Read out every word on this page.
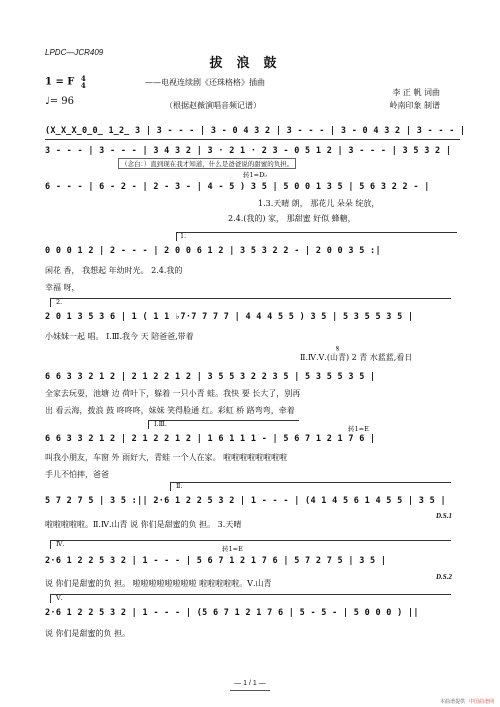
LPDC—JCR409
拔浪鼓
1 = F 4
4
♩= 96
——电视连续剧《还珠格格》插曲
李 正 帆 词曲
（根据赵薇演唱音频记谱）	岭南印象 制谱
(X̲X̲X̲0̲0̲ 1̲2̲ 3 | 3 - - - | 3 - 0 4 3 2 | 3 - - - | 3 - 0 4 3 2 | 3 - - - |
3 - - - | 3 - - - | 3 4 3 2 | 3 · 2 1 · 2 3 - 0 5 1 2 | 3 - - - | 3 5 3 2 |
（念白：）直到现在我才知道，什么是爸爸说的甜蜜的负担。
转1=D♭
6 - - - | 6 - 2 - | 2 - 3 - | 4 - 5 ) 3 5 | 5 0 0 1 3 5 | 5 6 3 2 2 - |
1.3.天晴 朗， 那花儿 朵朵 绽放，
2.4.(我的) 家， 那甜蜜 好似 蜂糖，
1.
0 0 0 1 2 | 2 - - - | 2 0 0 6 1 2 | 3 5 3 2 2 - | 2 0 0 3 5 :|
闲花 香， 我想起 年幼时光。 2.4.我的
幸福 呀，
2.
2 0 1 3 5 3 6 | 1 ( 1 1 ♭7·7 7 7 7 | 4 4 4 5 5 ) 3 5 | 5 3 5 5 3 5 |
小妹妹一起 唱。 Ⅰ.Ⅲ.我今 天 陪爸爸,带着
𝄋
Ⅱ.Ⅳ.Ⅴ.(山青) 2 青 水蓝蓝,看日
6 6 3 3 2 1 2 | 2 1 2 2 1 2 | 3 5 5 3 2 2 3 5 | 5 3 5 5 3 5 |
全家去玩耍，池塘 边 荷叶下，躲着 一只小青 蛙。我快 要 长大了，别再
出 看云海，拨浪 鼓 咚咚咚，妹妹 笑得脸通 红。彩虹 桥 路弯弯，牵着
Ⅰ.Ⅲ.
转1=E
6 6 3 3 2 1 2 | 2 1 2 2 1 2 | 1 6 1 1 1 - | 5 6 7 1 2 1 7 6 |
叫我小朋友，车窗 外 雨好大，青蛙 一个人在家。 啦啦啦啦啦啦啦啦
手儿不怕摔，爸爸
Ⅱ.
5 7 2 7 5 | 3 5 :|| 2·6 1 2 2 5 3 2 | 1 - - - | (4 1 4 5 6 1 4 5 5 | 3 5 |
啦啦啦啦啦。Ⅱ.Ⅳ.山青 说 你们是甜蜜的负 担。 3.天晴
D.S.1
Ⅳ.
转1=E
2·6 1 2 2 5 3 2 | 1 - - - | 5 6 7 1 2 1 7 6 | 5 7 2 7 5 | 3 5 |
说 你们是甜蜜的负 担。 啦啦啦啦啦啦啦啦 啦啦啦啦啦。Ⅴ.山青
D.S.2
Ⅴ.
2·6 1 2 2 5 3 2 | 1 - - - | (5 6 7 1 2 1 7 6 | 5 - 5 - | 5 0 0 0 ) ||
说 你们是甜蜜的负 担。
— 1 / 1 —
本曲谱提供 中国曲谱网
